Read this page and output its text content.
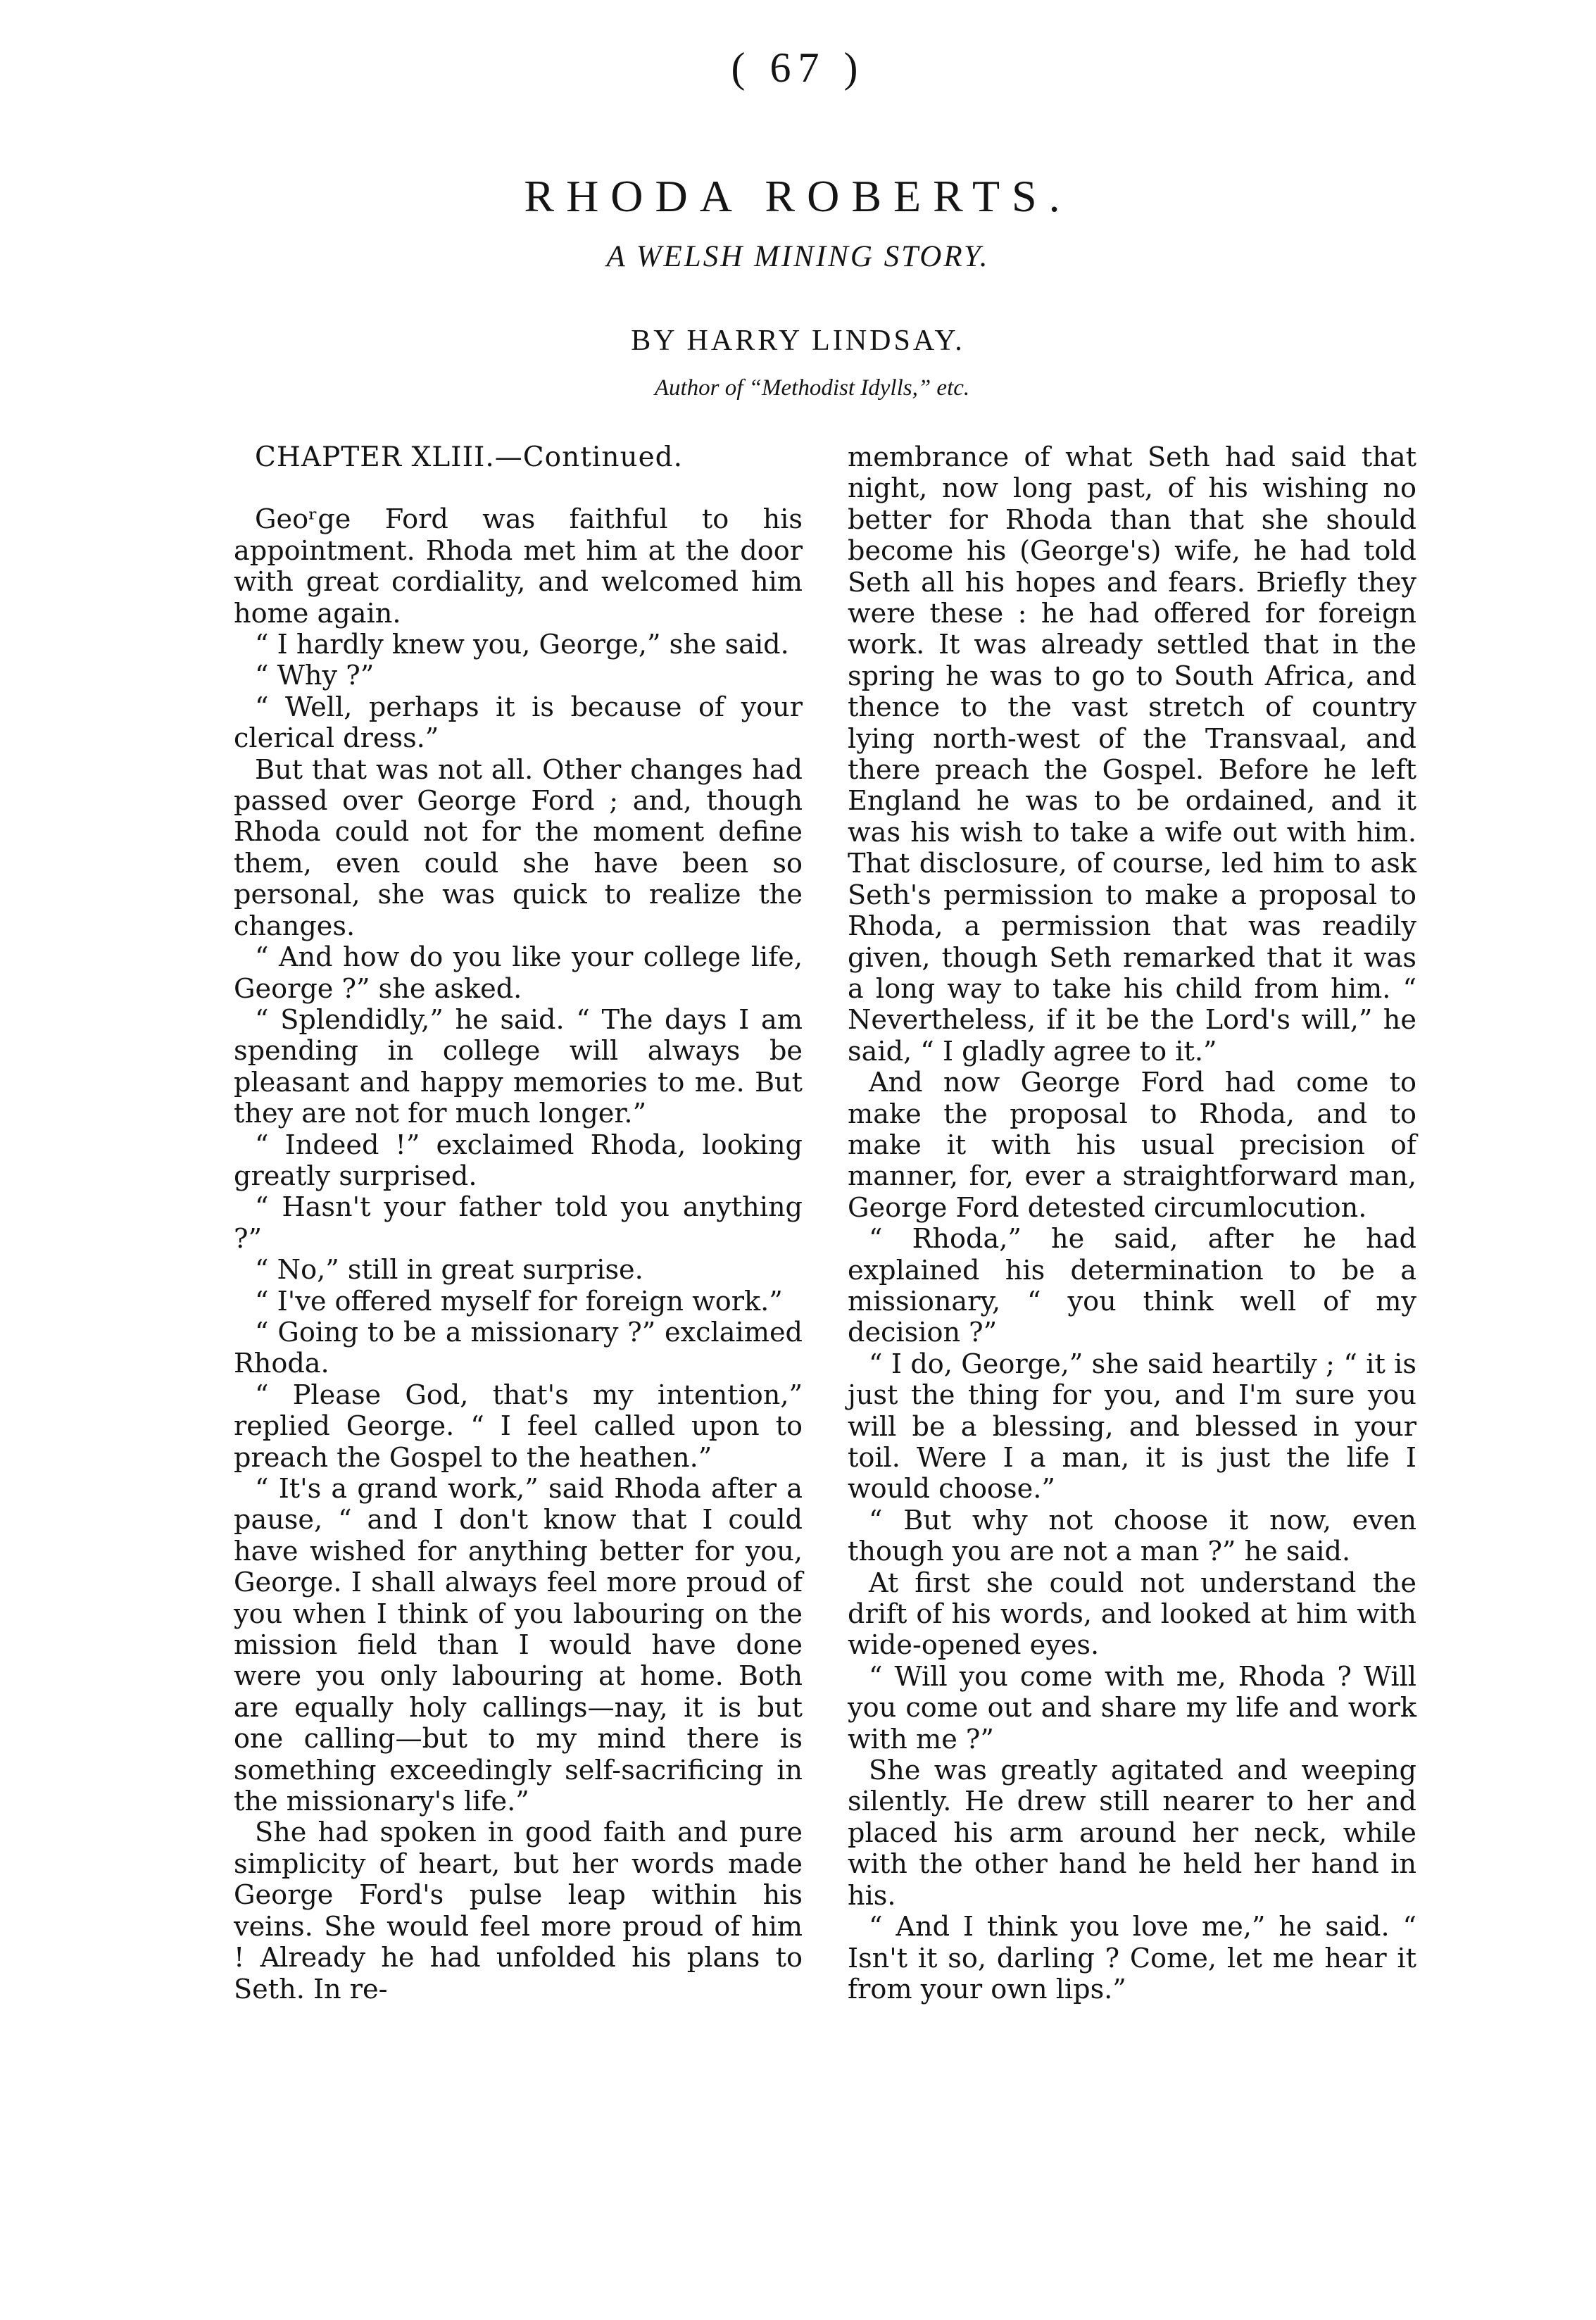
( 67 )
RHODA ROBERTS.
A WELSH MINING STORY.
BY HARRY LINDSAY.
Author of “Methodist Idylls,” etc.
CHAPTER XLIII.—Continued.

Geoʳge Ford was faithful to his appointment. Rhoda met him at the door with great cordiality, and welcomed him home again.

“ I hardly knew you, George,” she said.

“ Why ?”

“ Well, perhaps it is because of your clerical dress.”

But that was not all. Other changes had passed over George Ford ; and, though Rhoda could not for the moment define them, even could she have been so personal, she was quick to realize the changes.

“ And how do you like your college life, George ?” she asked.

“ Splendidly,” he said. “ The days I am spending in college will always be pleasant and happy memories to me. But they are not for much longer.”

“ Indeed !” exclaimed Rhoda, looking greatly surprised.

“ Hasn't your father told you anything ?”

“ No,” still in great surprise.

“ I've offered myself for foreign work.”

“ Going to be a missionary ?” exclaimed Rhoda.

“ Please God, that's my intention,” replied George. “ I feel called upon to preach the Gospel to the heathen.”

“ It's a grand work,” said Rhoda after a pause, “ and I don't know that I could have wished for anything better for you, George. I shall always feel more proud of you when I think of you labouring on the mission field than I would have done were you only labouring at home. Both are equally holy callings—nay, it is but one calling—but to my mind there is something exceedingly self-sacrificing in the missionary's life.”

She had spoken in good faith and pure simplicity of heart, but her words made George Ford's pulse leap within his veins. She would feel more proud of him ! Already he had unfolded his plans to Seth. In re-

membrance of what Seth had said that night, now long past, of his wishing no better for Rhoda than that she should become his (George's) wife, he had told Seth all his hopes and fears. Briefly they were these : he had offered for foreign work. It was already settled that in the spring he was to go to South Africa, and thence to the vast stretch of country lying north-west of the Transvaal, and there preach the Gospel. Before he left England he was to be ordained, and it was his wish to take a wife out with him. That disclosure, of course, led him to ask Seth's permission to make a proposal to Rhoda, a permission that was readily given, though Seth remarked that it was a long way to take his child from him. “ Nevertheless, if it be the Lord's will,” he said, “ I gladly agree to it.”

And now George Ford had come to make the proposal to Rhoda, and to make it with his usual precision of manner, for, ever a straightforward man, George Ford detested circumlocution.

“ Rhoda,” he said, after he had explained his determination to be a missionary, “ you think well of my decision ?”

“ I do, George,” she said heartily ; “ it is just the thing for you, and I'm sure you will be a blessing, and blessed in your toil. Were I a man, it is just the life I would choose.”

“ But why not choose it now, even though you are not a man ?” he said.

At first she could not understand the drift of his words, and looked at him with wide-opened eyes.

“ Will you come with me, Rhoda ? Will you come out and share my life and work with me ?”

She was greatly agitated and weeping silently. He drew still nearer to her and placed his arm around her neck, while with the other hand he held her hand in his.

“ And I think you love me,” he said. “ Isn't it so, darling ? Come, let me hear it from your own lips.”
